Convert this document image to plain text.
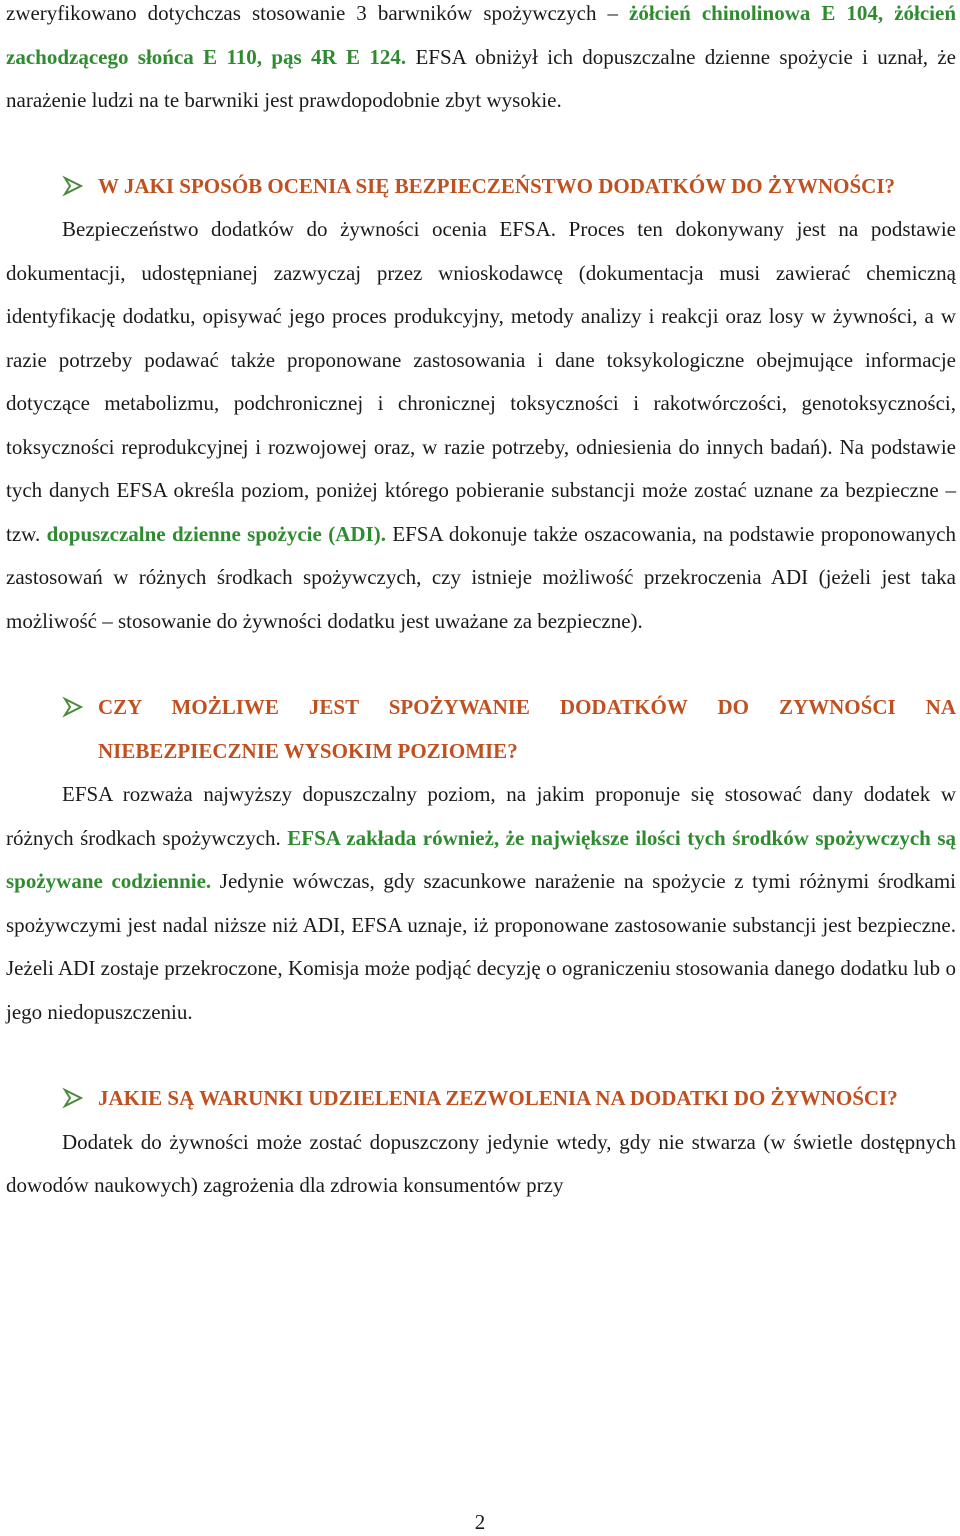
zweryfikowano dotychczas stosowanie 3 barwników spożywczych – żółcień chinolinowa E 104, żółcień zachodzącego słońca E 110, pąs 4R E 124. EFSA obniżył ich dopuszczalne dzienne spożycie i uznał, że narażenie ludzi na te barwniki jest prawdopodobnie zbyt wysokie.

W JAKI SPOSÓB OCENIA SIĘ BEZPIECZEŃSTWO DODATKÓW DO ŻYWNOŚCI?

Bezpieczeństwo dodatków do żywności ocenia EFSA. Proces ten dokonywany jest na podstawie dokumentacji, udostępnianej zazwyczaj przez wnioskodawcę (dokumentacja musi zawierać chemiczną identyfikację dodatku, opisywać jego proces produkcyjny, metody analizy i reakcji oraz losy w żywności, a w razie potrzeby podawać także proponowane zastosowania i dane toksykologiczne obejmujące informacje dotyczące metabolizmu, podchronicznej i chronicznej toksyczności i rakotwórczości, genotoksyczności, toksyczności reprodukcyjnej i rozwojowej oraz, w razie potrzeby, odniesienia do innych badań). Na podstawie tych danych EFSA określa poziom, poniżej którego pobieranie substancji może zostać uznane za bezpieczne – tzw. dopuszczalne dzienne spożycie (ADI). EFSA dokonuje także oszacowania, na podstawie proponowanych zastosowań w różnych środkach spożywczych, czy istnieje możliwość przekroczenia ADI (jeżeli jest taka możliwość – stosowanie do żywności dodatku jest uważane za bezpieczne).

CZY MOŻLIWE JEST SPOŻYWANIE DODATKÓW DO ZYWNOŚCI NA NIEBEZPIECZNIE WYSOKIM POZIOMIE?

EFSA rozważa najwyższy dopuszczalny poziom, na jakim proponuje się stosować dany dodatek w różnych środkach spożywczych. EFSA zakłada również, że największe ilości tych środków spożywczych są spożywane codziennie. Jedynie wówczas, gdy szacunkowe narażenie na spożycie z tymi różnymi środkami spożywczymi jest nadal niższe niż ADI, EFSA uznaje, iż proponowane zastosowanie substancji jest bezpieczne. Jeżeli ADI zostaje przekroczone, Komisja może podjąć decyzję o ograniczeniu stosowania danego dodatku lub o jego niedopuszczeniu.

JAKIE SĄ WARUNKI UDZIELENIA ZEZWOLENIA NA DODATKI DO ŻYWNOŚCI?

Dodatek do żywności może zostać dopuszczony jedynie wtedy, gdy nie stwarza (w świetle dostępnych dowodów naukowych) zagrożenia dla zdrowia konsumentów przy

2
